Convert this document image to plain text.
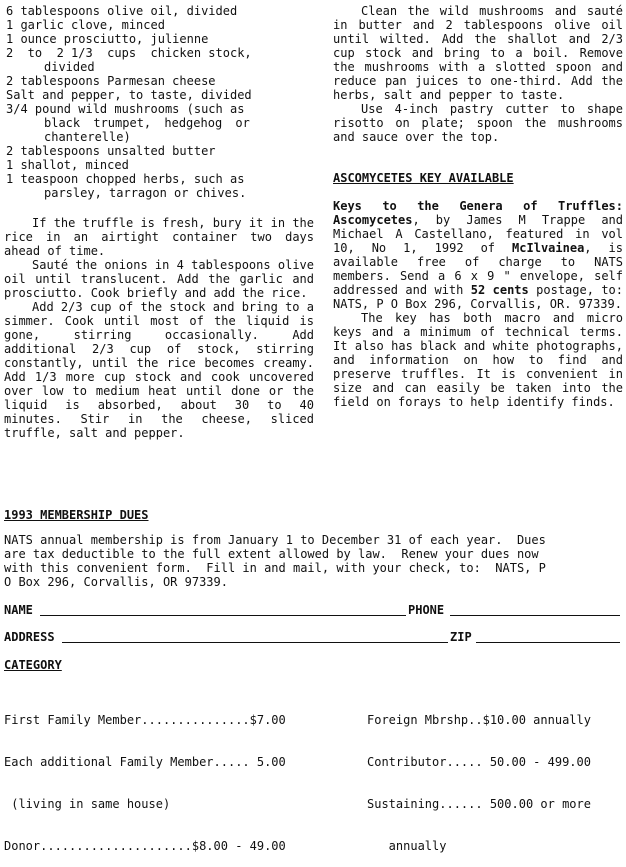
6 tablespoons olive oil, divided
1 garlic clove, minced
1 ounce prosciutto, julienne
2  to  2 1/3  cups  chicken stock,
divided
2 tablespoons Parmesan cheese
Salt and pepper, to taste, divided
3/4 pound wild mushrooms (such as
black trumpet, hedgehog or
chanterelle)
2 tablespoons unsalted butter
1 shallot, minced
1 teaspoon chopped herbs, such as
parsley, tarragon or chives.
If the truffle is fresh, bury it in the rice in an airtight container two days ahead of time.
Sauté the onions in 4 tablespoons olive oil until translucent. Add the garlic and prosciutto. Cook briefly and add the rice.
Add 2/3 cup of the stock and bring to a simmer. Cook until most of the liquid is gone, stirring occasionally. Add additional 2/3 cup of stock, stirring constantly, until the rice becomes creamy. Add 1/3 more cup stock and cook uncovered over low to medium heat until done or the liquid is absorbed, about 30 to 40 minutes. Stir in the cheese, sliced truffle, salt and pepper.
Clean the wild mushrooms and sauté in butter and 2 tablespoons olive oil until wilted. Add the shallot and 2/3 cup stock and bring to a boil. Remove the mushrooms with a slotted spoon and reduce pan juices to one-third. Add the herbs, salt and pepper to taste.
Use 4-inch pastry cutter to shape risotto on plate; spoon the mushrooms and sauce over the top.
ASCOMYCETES KEY AVAILABLE
Keys to the Genera of Truffles: Ascomycetes, by James M Trappe and Michael A Castellano, featured in vol 10, No 1, 1992 of McIlvainea, is available free of charge to NATS members. Send a 6 x 9 " envelope, self addressed and with 52 cents postage, to: NATS, P O Box 296, Corvallis, OR. 97339.
The key has both macro and micro keys and a minimum of technical terms. It also has black and white photographs, and information on how to find and preserve truffles. It is convenient in size and can easily be taken into the field on forays to help identify finds.
1993 MEMBERSHIP DUES
NATS annual membership is from January 1 to December 31 of each year.  Dues
are tax deductible to the full extent allowed by law.  Renew your dues now
with this convenient form.  Fill in and mail, with your check, to:  NATS, P
O Box 296, Corvallis, OR 97339.
NAME	PHONE
ADDRESS	ZIP
CATEGORY

First Family Member...............$7.00

Each additional Family Member..... 5.00

(living in same house)

Donor.....................$8.00 - 49.00

Foreign Mbrshp..$10.00 annually

Contributor..... 50.00 - 499.00

Sustaining...... 500.00 or more

annually
